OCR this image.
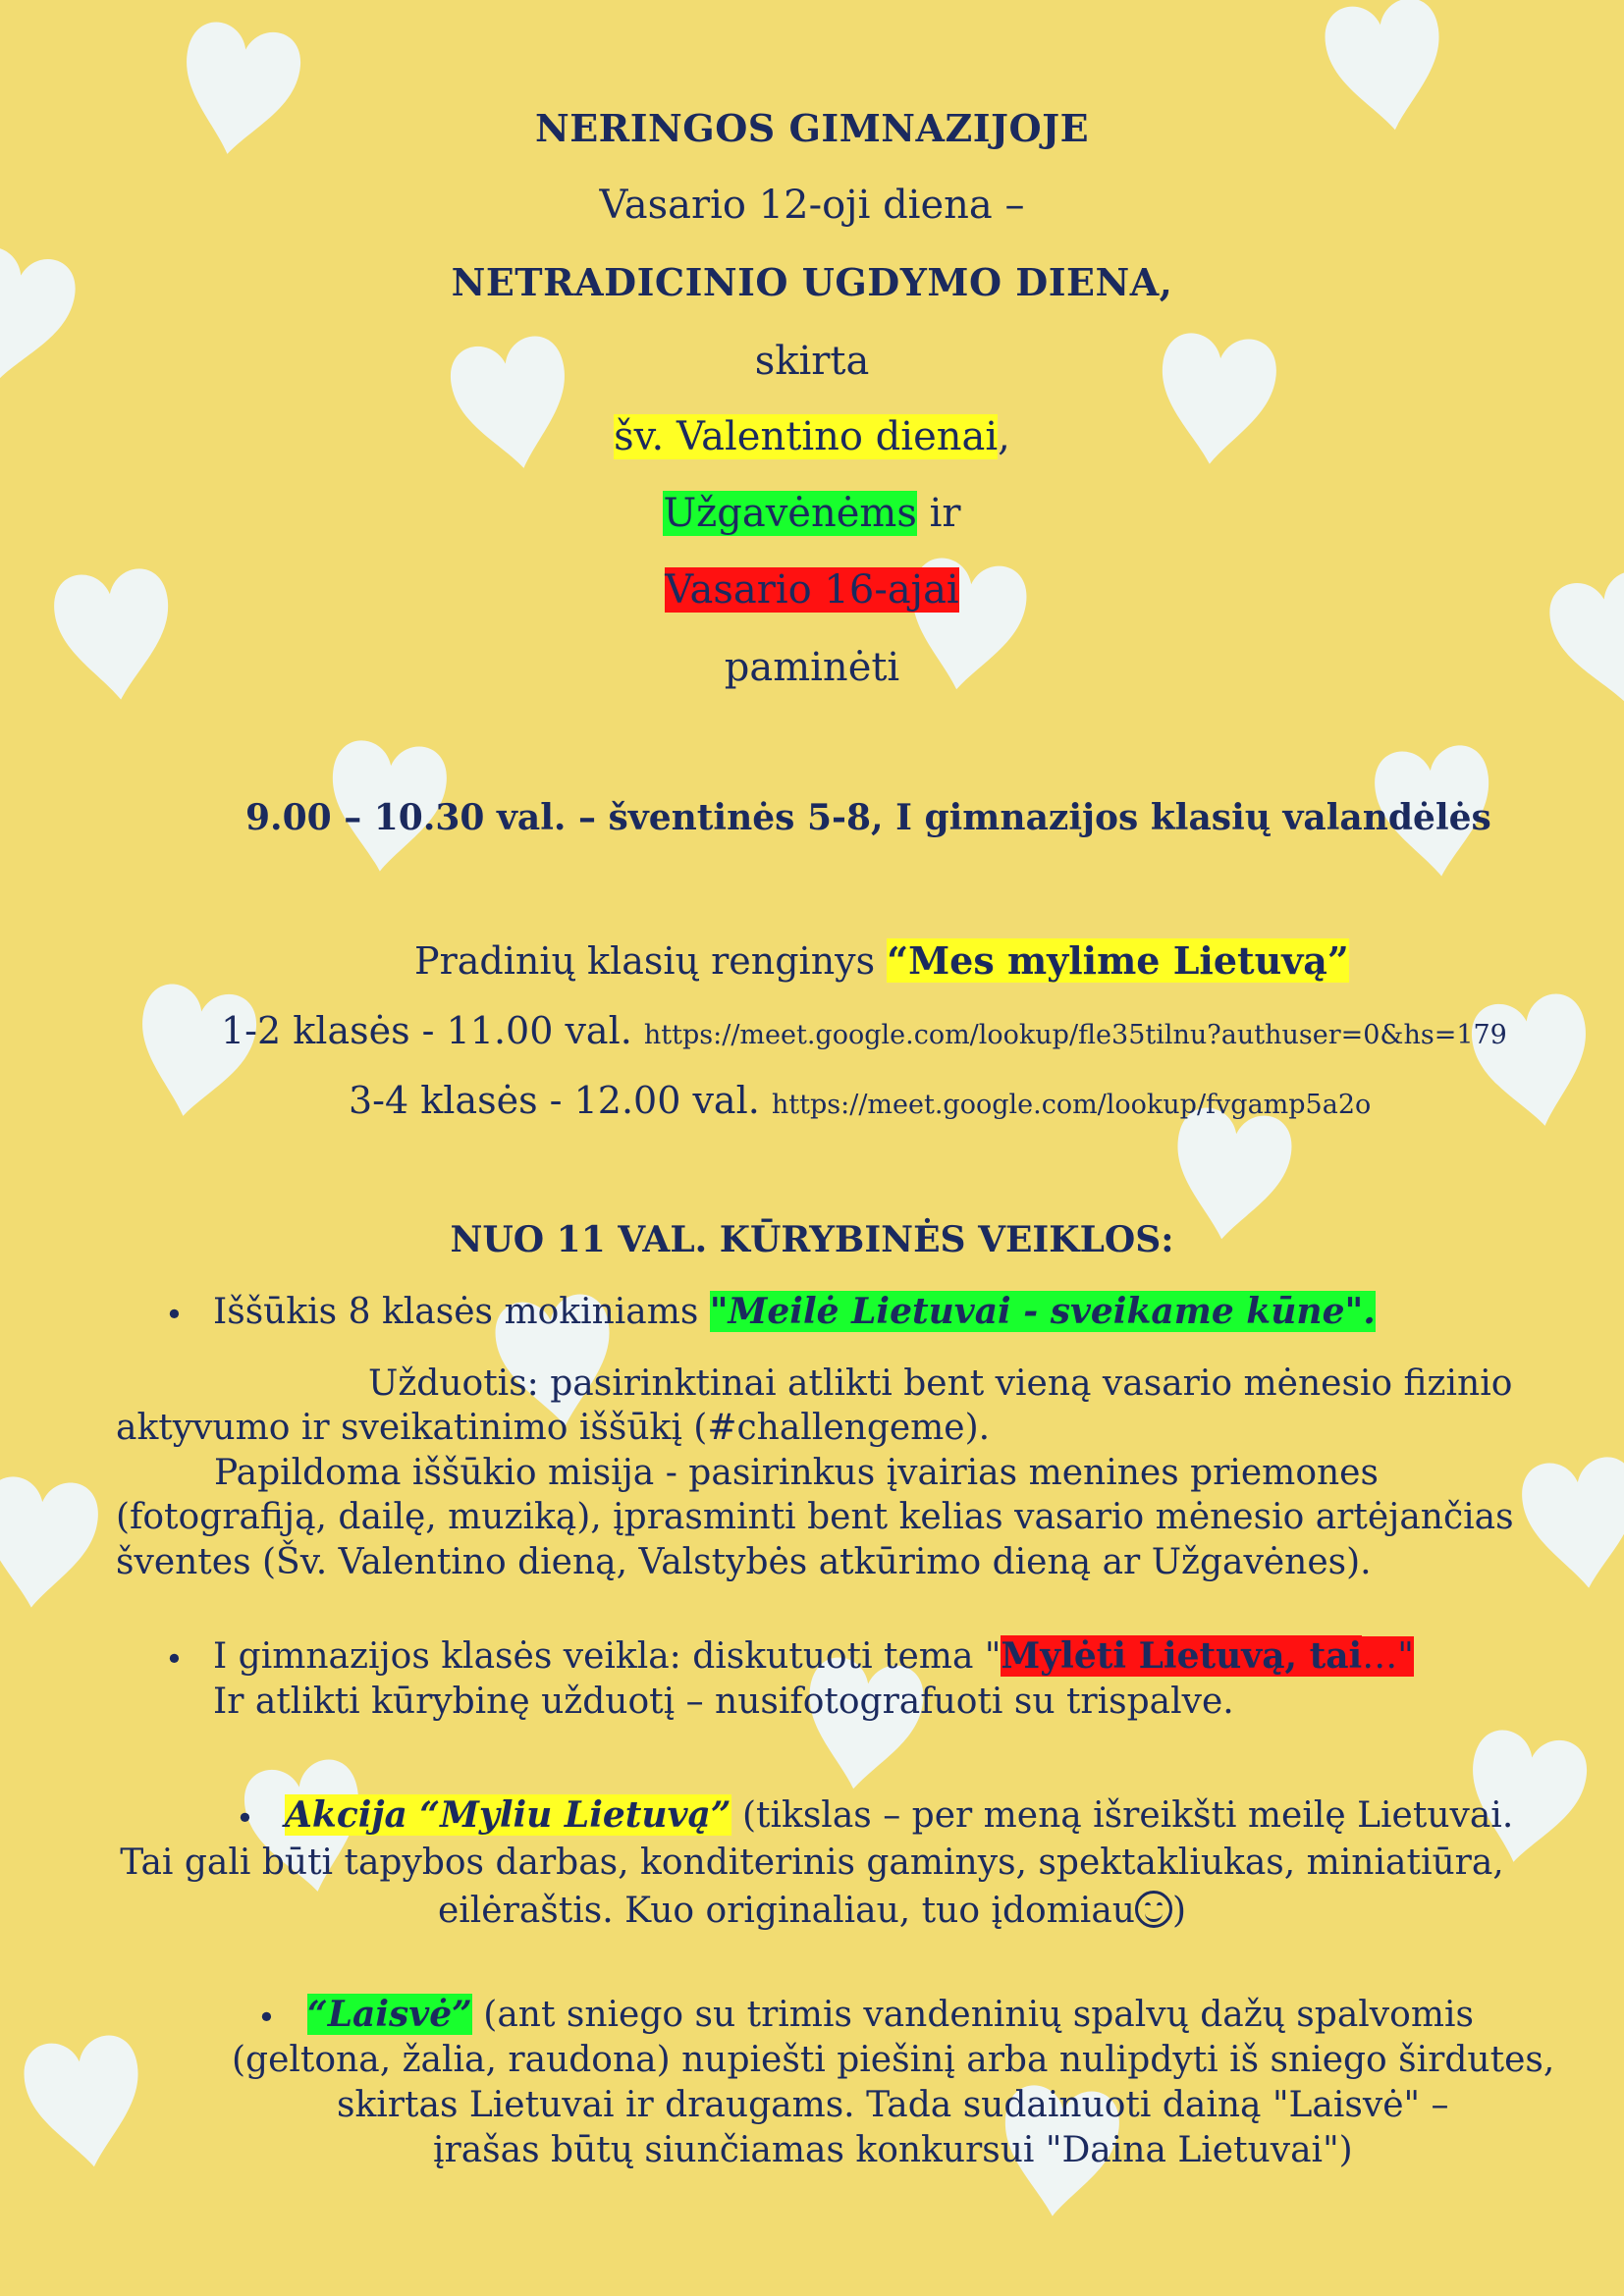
NERINGOS GIMNAZIJOJE
Vasario 12-oji diena –
NETRADICINIO UGDYMO DIENA,
skirta
šv. Valentino dienai,
Užgavėnėms ir
Vasario 16-ajai
paminėti
9.00 – 10.30 val. – šventinės 5-8, I gimnazijos klasių valandėlės
Pradinių klasių renginys “Mes mylime Lietuvą”
1-2 klasės - 11.00 val. https://meet.google.com/lookup/fle35tilnu?authuser=0&hs=179
3-4 klasės - 12.00 val. https://meet.google.com/lookup/fvgamp5a2o
NUO 11 VAL. KŪRYBINĖS VEIKLOS:
• Iššūkis 8 klasės mokiniams "Meilė Lietuvai - sveikame kūne".
Užduotis: pasirinktinai atlikti bent vieną vasario mėnesio fizinio
aktyvumo ir sveikatinimo iššūkį (#challengeme).
Papildoma iššūkio misija - pasirinkus įvairias menines priemones
(fotografiją, dailę, muziką), įprasminti bent kelias vasario mėnesio artėjančias
šventes (Šv. Valentino dieną, Valstybės atkūrimo dieną ar Užgavėnes).
• I gimnazijos klasės veikla: diskutuoti tema "Mylėti Lietuvą, tai…"
Ir atlikti kūrybinę užduotį – nusifotografuoti su trispalve.
• Akcija “Myliu Lietuvą” (tikslas – per meną išreikšti meilę Lietuvai.
Tai gali būti tapybos darbas, konditerinis gaminys, spektakliukas, miniatiūra,
eilėraštis. Kuo originaliau, tuo įdomiau )
• “Laisvė” (ant sniego su trimis vandeninių spalvų dažų spalvomis
(geltona, žalia, raudona) nupiešti piešinį arba nulipdyti iš sniego širdutes,
skirtas Lietuvai ir draugams. Tada sudainuoti dainą "Laisvė" –
įrašas būtų siunčiamas konkursui "Daina Lietuvai")
